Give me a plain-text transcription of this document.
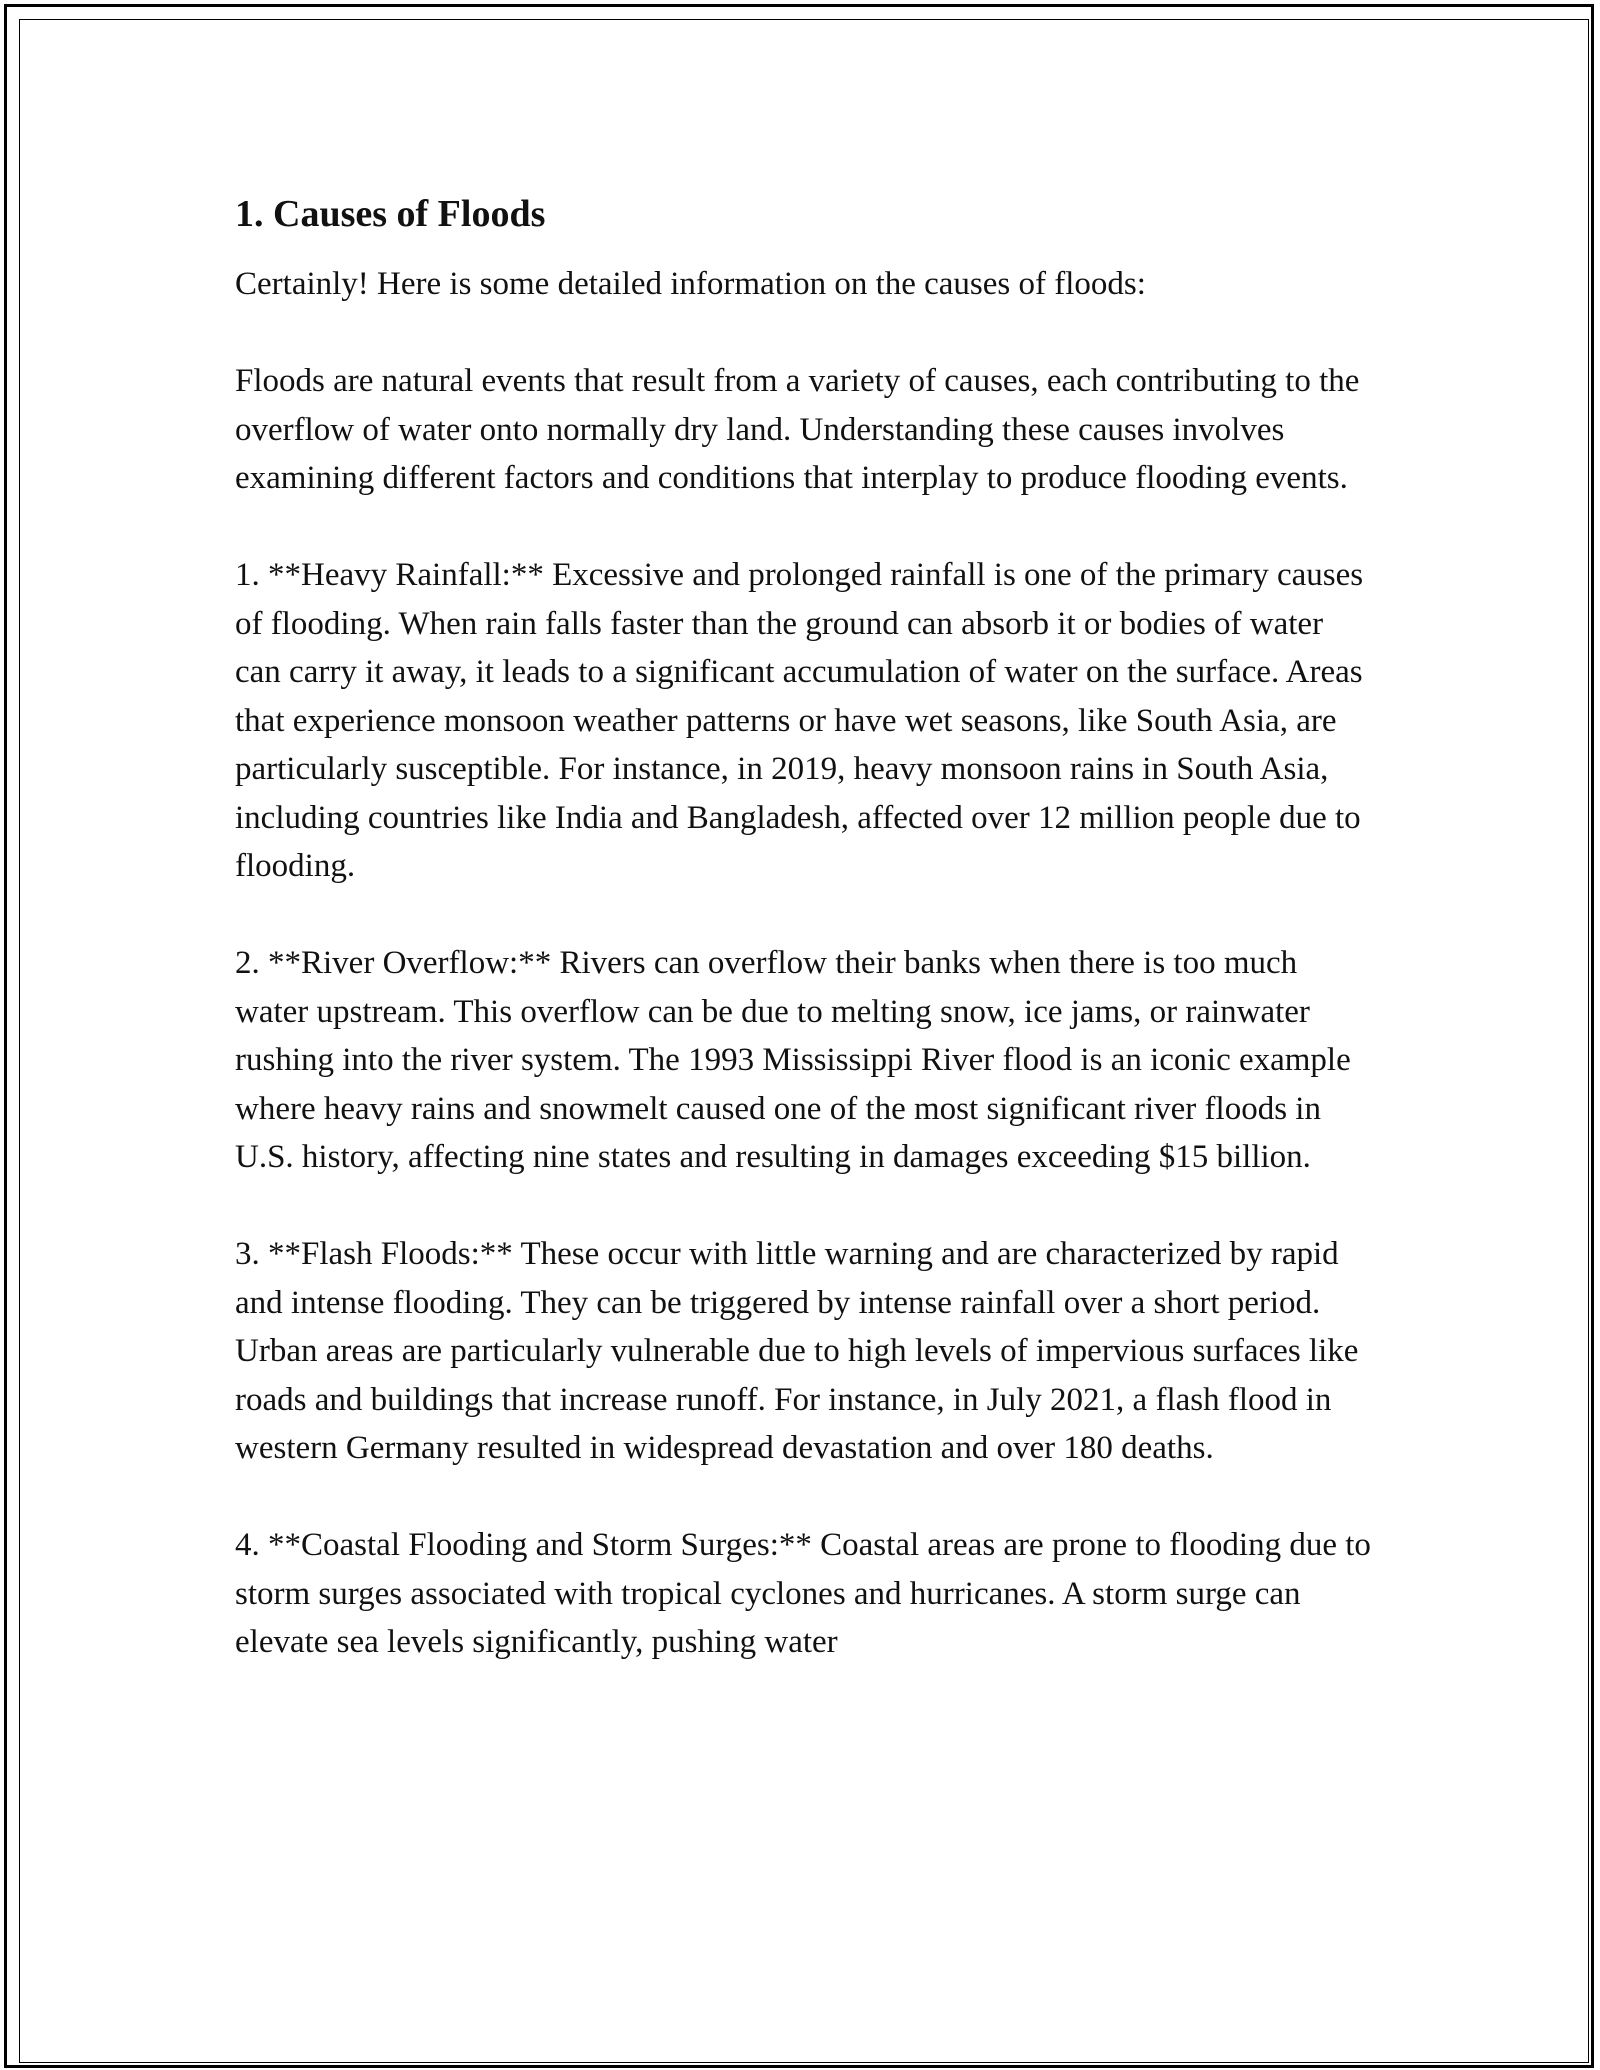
1. Causes of Floods

Certainly! Here is some detailed information on the causes of floods:

Floods are natural events that result from a variety of causes, each contributing to the overflow of water onto normally dry land. Understanding these causes involves examining different factors and conditions that interplay to produce flooding events.

1. **Heavy Rainfall:** Excessive and prolonged rainfall is one of the primary causes of flooding. When rain falls faster than the ground can absorb it or bodies of water can carry it away, it leads to a significant accumulation of water on the surface. Areas that experience monsoon weather patterns or have wet seasons, like South Asia, are particularly susceptible. For instance, in 2019, heavy monsoon rains in South Asia, including countries like India and Bangladesh, affected over 12 million people due to flooding.

2. **River Overflow:** Rivers can overflow their banks when there is too much water upstream. This overflow can be due to melting snow, ice jams, or rainwater rushing into the river system. The 1993 Mississippi River flood is an iconic example where heavy rains and snowmelt caused one of the most significant river floods in U.S. history, affecting nine states and resulting in damages exceeding $15 billion.

3. **Flash Floods:** These occur with little warning and are characterized by rapid and intense flooding. They can be triggered by intense rainfall over a short period. Urban areas are particularly vulnerable due to high levels of impervious surfaces like roads and buildings that increase runoff. For instance, in July 2021, a flash flood in western Germany resulted in widespread devastation and over 180 deaths.

4. **Coastal Flooding and Storm Surges:** Coastal areas are prone to flooding due to storm surges associated with tropical cyclones and hurricanes. A storm surge can elevate sea levels significantly, pushing water
